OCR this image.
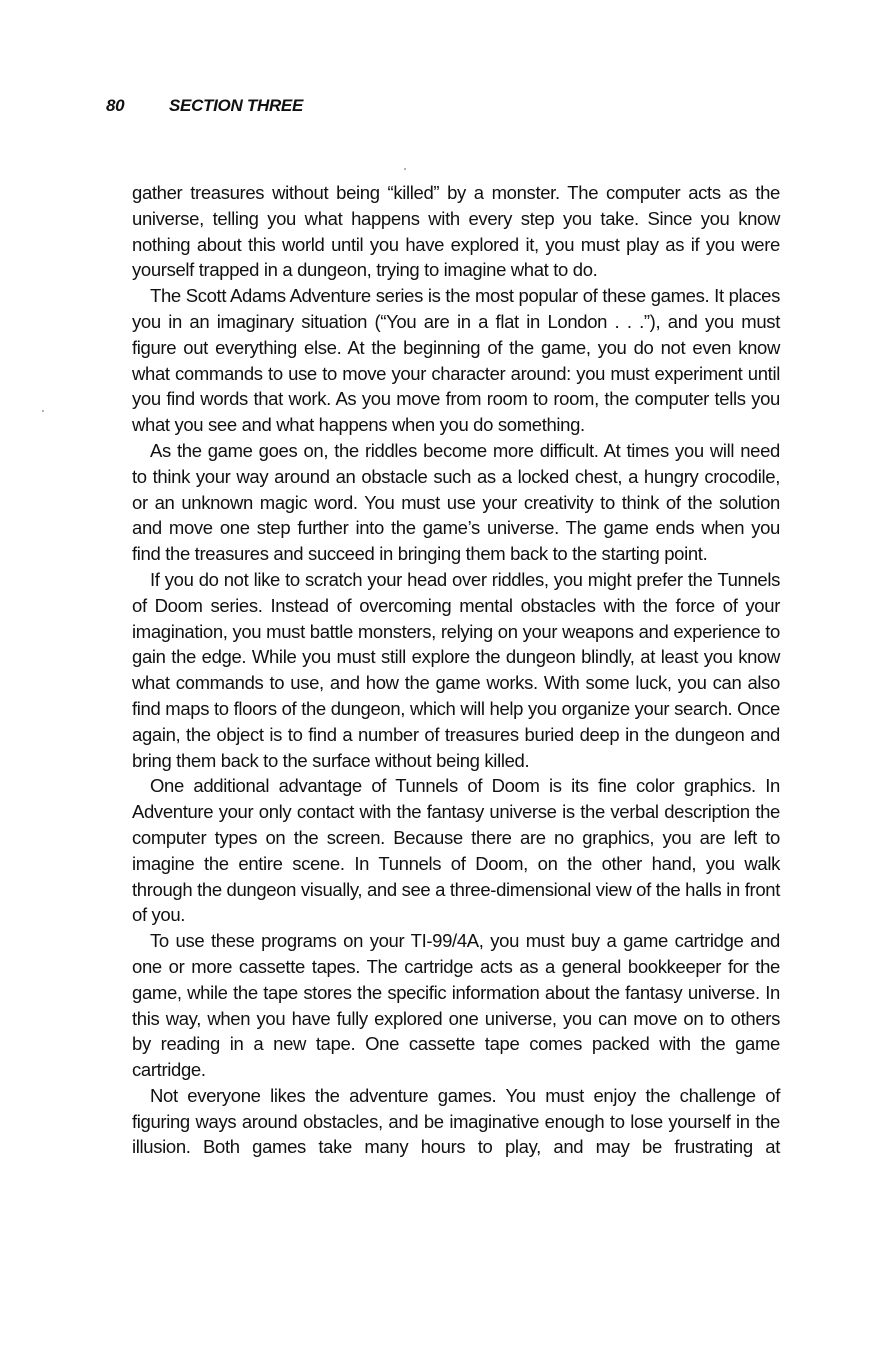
80	SECTION THREE

gather treasures without being “killed” by a monster. The computer acts as the universe, telling you what happens with every step you take. Since you know nothing about this world until you have explored it, you must play as if you were yourself trapped in a dungeon, trying to imagine what to do.

The Scott Adams Adventure series is the most popular of these games. It places you in an imaginary situation (“You are in a flat in London . . .”), and you must figure out everything else. At the beginning of the game, you do not even know what commands to use to move your character around: you must experiment until you find words that work. As you move from room to room, the computer tells you what you see and what happens when you do something.

As the game goes on, the riddles become more difficult. At times you will need to think your way around an obstacle such as a locked chest, a hungry crocodile, or an unknown magic word. You must use your creativity to think of the solution and move one step further into the game’s universe. The game ends when you find the treasures and succeed in bringing them back to the starting point.

If you do not like to scratch your head over riddles, you might prefer the Tunnels of Doom series. Instead of overcoming mental obstacles with the force of your imagination, you must battle monsters, relying on your weapons and experience to gain the edge. While you must still explore the dungeon blindly, at least you know what commands to use, and how the game works. With some luck, you can also find maps to floors of the dungeon, which will help you organize your search. Once again, the object is to find a number of treasures buried deep in the dungeon and bring them back to the surface without being killed.

One additional advantage of Tunnels of Doom is its fine color graphics. In Adventure your only contact with the fantasy universe is the verbal description the computer types on the screen. Because there are no graphics, you are left to imagine the entire scene. In Tunnels of Doom, on the other hand, you walk through the dungeon visually, and see a three-dimensional view of the halls in front of you.

To use these programs on your TI-99/4A, you must buy a game cartridge and one or more cassette tapes. The cartridge acts as a general bookkeeper for the game, while the tape stores the specific information about the fantasy universe. In this way, when you have fully explored one universe, you can move on to others by reading in a new tape. One cassette tape comes packed with the game cartridge.

Not everyone likes the adventure games. You must enjoy the challenge of figuring ways around obstacles, and be imaginative enough to lose yourself in the illusion. Both games take many hours to play, and may be frustrating at
